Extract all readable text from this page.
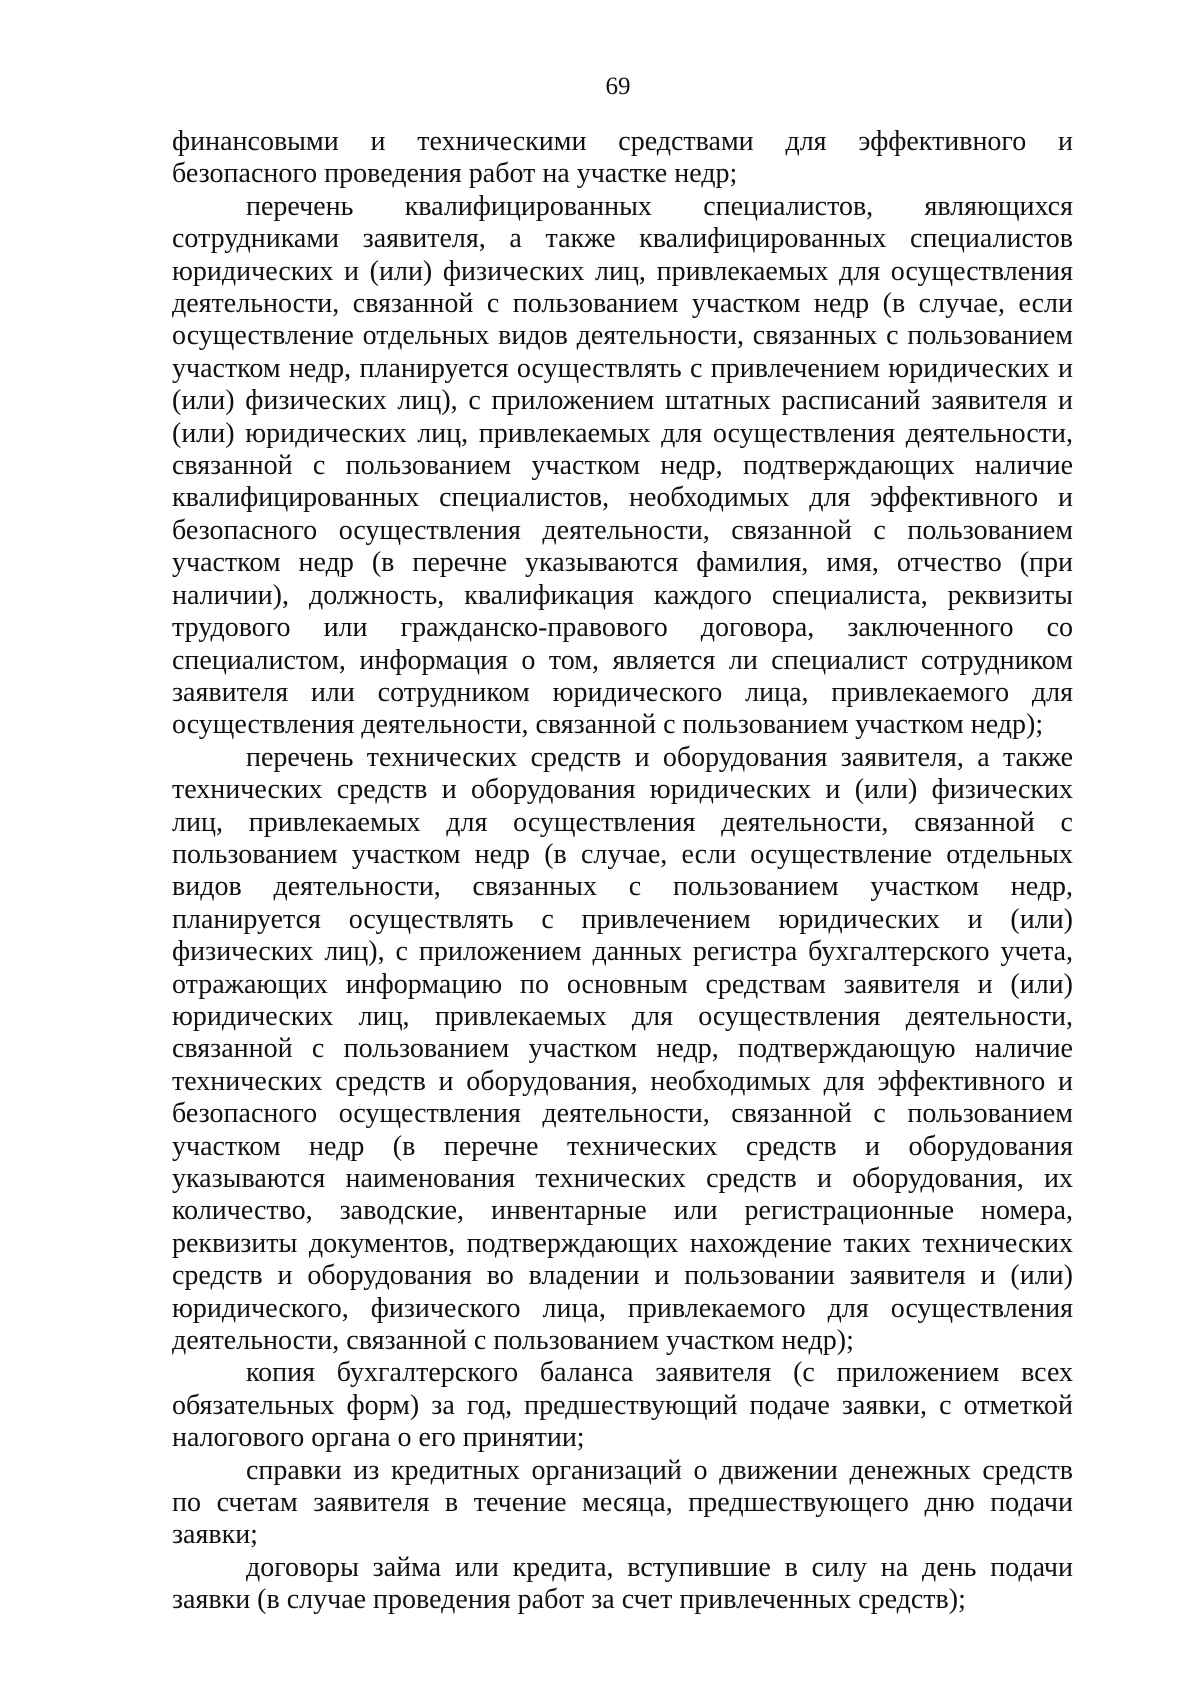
69

финансовыми и техническими средствами для эффективного и безопасного проведения работ на участке недр;

перечень квалифицированных специалистов, являющихся сотрудниками заявителя, а также квалифицированных специалистов юридических и (или) физических лиц, привлекаемых для осуществления деятельности, связанной с пользованием участком недр (в случае, если осуществление отдельных видов деятельности, связанных с пользованием участком недр, планируется осуществлять с привлечением юридических и (или) физических лиц), с приложением штатных расписаний заявителя и (или) юридических лиц, привлекаемых для осуществления деятельности, связанной с пользованием участком недр, подтверждающих наличие квалифицированных специалистов, необходимых для эффективного и безопасного осуществления деятельности, связанной с пользованием участком недр (в перечне указываются фамилия, имя, отчество (при наличии), должность, квалификация каждого специалиста, реквизиты трудового или гражданско-правового договора, заключенного со специалистом, информация о том, является ли специалист сотрудником заявителя или сотрудником юридического лица, привлекаемого для осуществления деятельности, связанной с пользованием участком недр);

перечень технических средств и оборудования заявителя, а также технических средств и оборудования юридических и (или) физических лиц, привлекаемых для осуществления деятельности, связанной с пользованием участком недр (в случае, если осуществление отдельных видов деятельности, связанных с пользованием участком недр, планируется осуществлять с привлечением юридических и (или) физических лиц), с приложением данных регистра бухгалтерского учета, отражающих информацию по основным средствам заявителя и (или) юридических лиц, привлекаемых для осуществления деятельности, связанной с пользованием участком недр, подтверждающую наличие технических средств и оборудования, необходимых для эффективного и безопасного осуществления деятельности, связанной с пользованием участком недр (в перечне технических средств и оборудования указываются наименования технических средств и оборудования, их количество, заводские, инвентарные или регистрационные номера, реквизиты документов, подтверждающих нахождение таких технических средств и оборудования во владении и пользовании заявителя и (или) юридического, физического лица, привлекаемого для осуществления деятельности, связанной с пользованием участком недр);

копия бухгалтерского баланса заявителя (с приложением всех обязательных форм) за год, предшествующий подаче заявки, с отметкой налогового органа о его принятии;

справки из кредитных организаций о движении денежных средств по счетам заявителя в течение месяца, предшествующего дню подачи заявки;

договоры займа или кредита, вступившие в силу на день подачи заявки (в случае проведения работ за счет привлеченных средств);
